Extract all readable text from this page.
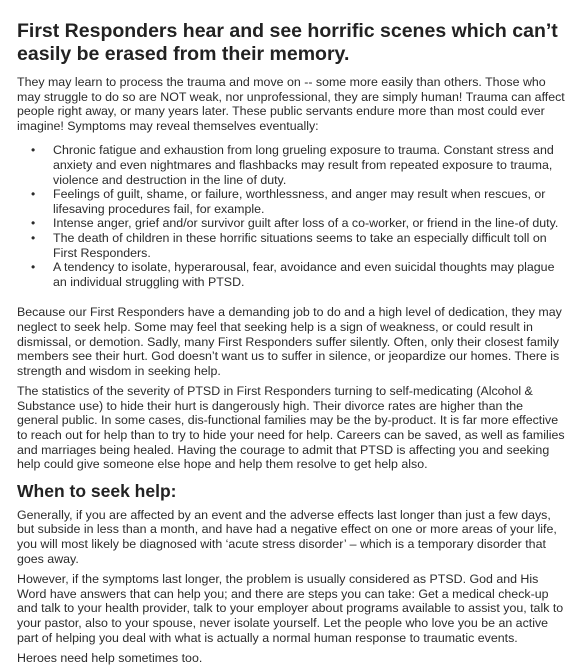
First Responders hear and see horrific scenes which can’t easily be erased from their memory.

They may learn to process the trauma and move on -- some more easily than others. Those who may struggle to do so are NOT weak, nor unprofessional, they are simply human! Trauma can affect people right away, or many years later. These public servants endure more than most could ever imagine! Symptoms may reveal themselves eventually:

• Chronic fatigue and exhaustion from long grueling exposure to trauma. Constant stress and anxiety and even nightmares and flashbacks may result from repeated exposure to trauma, violence and destruction in the line of duty.
• Feelings of guilt, shame, or failure, worthlessness, and anger may result when rescues, or lifesaving procedures fail, for example.
• Intense anger, grief and/or survivor guilt after loss of a co-worker, or friend in the line-of duty.
• The death of children in these horrific situations seems to take an especially difficult toll on First Responders.
• A tendency to isolate, hyperarousal, fear, avoidance and even suicidal thoughts may plague an individual struggling with PTSD.

Because our First Responders have a demanding job to do and a high level of dedication, they may neglect to seek help. Some may feel that seeking help is a sign of weakness, or could result in dismissal, or demotion. Sadly, many First Responders suffer silently. Often, only their closest family members see their hurt. God doesn’t want us to suffer in silence, or jeopardize our homes. There is strength and wisdom in seeking help.

The statistics of the severity of PTSD in First Responders turning to self-medicating (Alcohol & Substance use) to hide their hurt is dangerously high. Their divorce rates are higher than the general public. In some cases, dis-functional families may be the by-product. It is far more effective to reach out for help than to try to hide your need for help. Careers can be saved, as well as families and marriages being healed. Having the courage to admit that PTSD is affecting you and seeking help could give someone else hope and help them resolve to get help also.

When to seek help:

Generally, if you are affected by an event and the adverse effects last longer than just a few days, but subside in less than a month, and have had a negative effect on one or more areas of your life, you will most likely be diagnosed with ‘acute stress disorder’ – which is a temporary disorder that goes away.

However, if the symptoms last longer, the problem is usually considered as PTSD. God and His Word have answers that can help you; and there are steps you can take: Get a medical check-up and talk to your health provider, talk to your employer about programs available to assist you, talk to your pastor, also to your spouse, never isolate yourself. Let the people who love you be an active part of helping you deal with what is actually a normal human response to traumatic events.

Heroes need help sometimes too.
